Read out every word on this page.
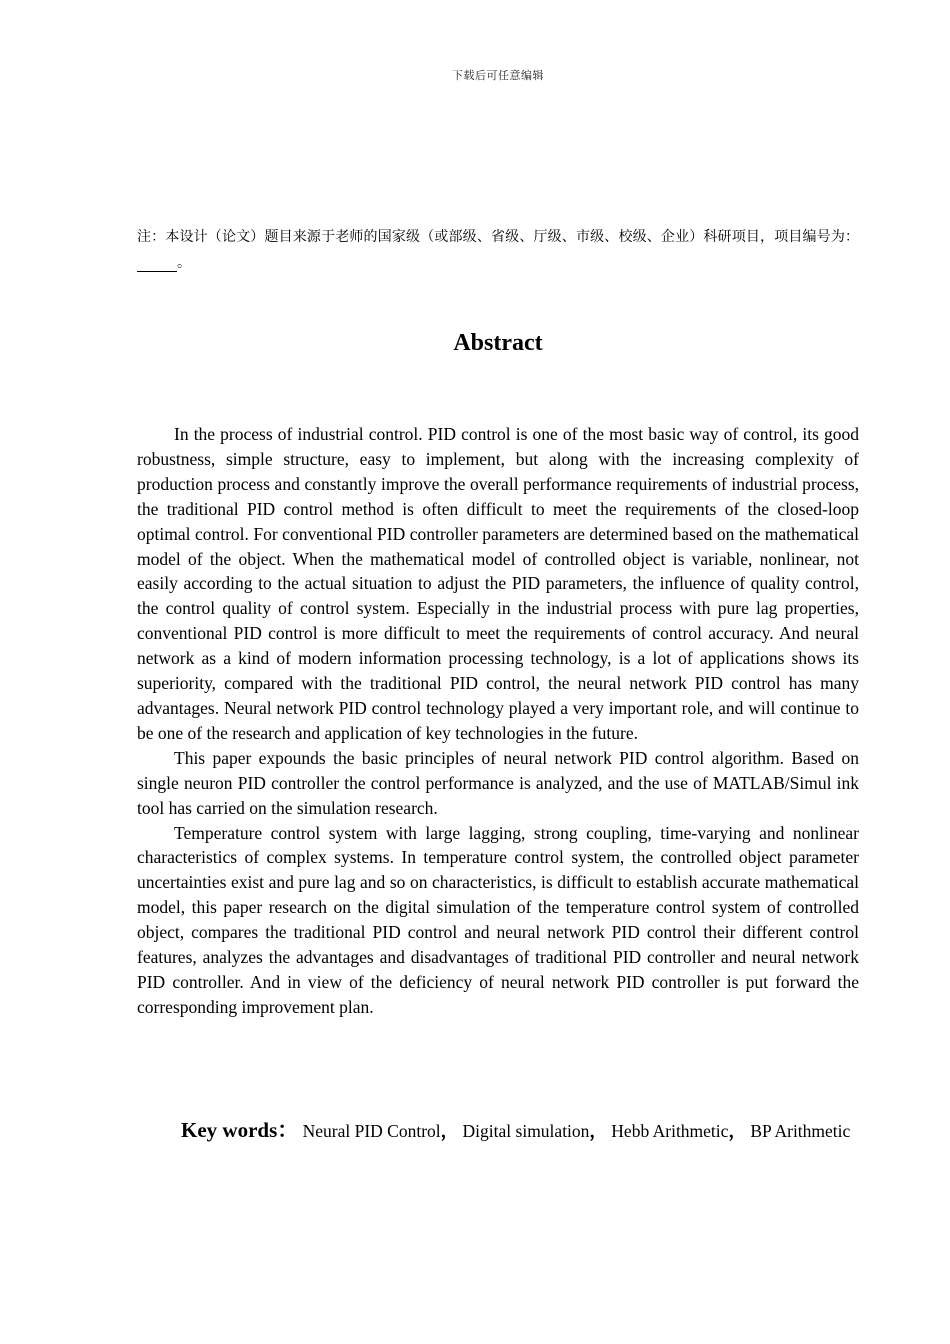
下载后可任意编辑
注：本设计（论文）题目来源于老师的国家级（或部级、省级、厅级、市级、校级、企业）科研项目，项目编号为：        。
Abstract

In the process of industrial control. PID control is one of the most basic way of control, its good robustness, simple structure, easy to implement, but along with the increasing complexity of production process and constantly improve the overall performance requirements of industrial process, the traditional PID control method is often difficult to meet the requirements of the closed-loop optimal control. For conventional PID controller parameters are determined based on the mathematical model of the object. When the mathematical model of controlled object is variable, nonlinear, not easily according to the actual situation to adjust the PID parameters, the influence of quality control, the control quality of control system. Especially in the industrial process with pure lag properties, conventional PID control is more difficult to meet the requirements of control accuracy. And neural network as a kind of modern information processing technology, is a lot of applications shows its superiority, compared with the traditional PID control, the neural network PID control has many advantages. Neural network PID control technology played a very important role, and will continue to be one of the research and application of key technologies in the future.

This paper expounds the basic principles of neural network PID control algorithm. Based on single neuron PID controller the control performance is analyzed, and the use of MATLAB/Simul ink tool has carried on the simulation research.

Temperature control system with large lagging, strong coupling, time-varying and nonlinear characteristics of complex systems. In temperature control system, the controlled object parameter uncertainties exist and pure lag and so on characteristics, is difficult to establish accurate mathematical model, this paper research on the digital simulation of the temperature control system of controlled object, compares the traditional PID control and neural network PID control their different control features, analyzes the advantages and disadvantages of traditional PID controller and neural network PID controller. And in view of the deficiency of neural network PID controller is put forward the corresponding improvement plan.

Key words： Neural PID Control， Digital simulation， Hebb Arithmetic， BP Arithmetic
